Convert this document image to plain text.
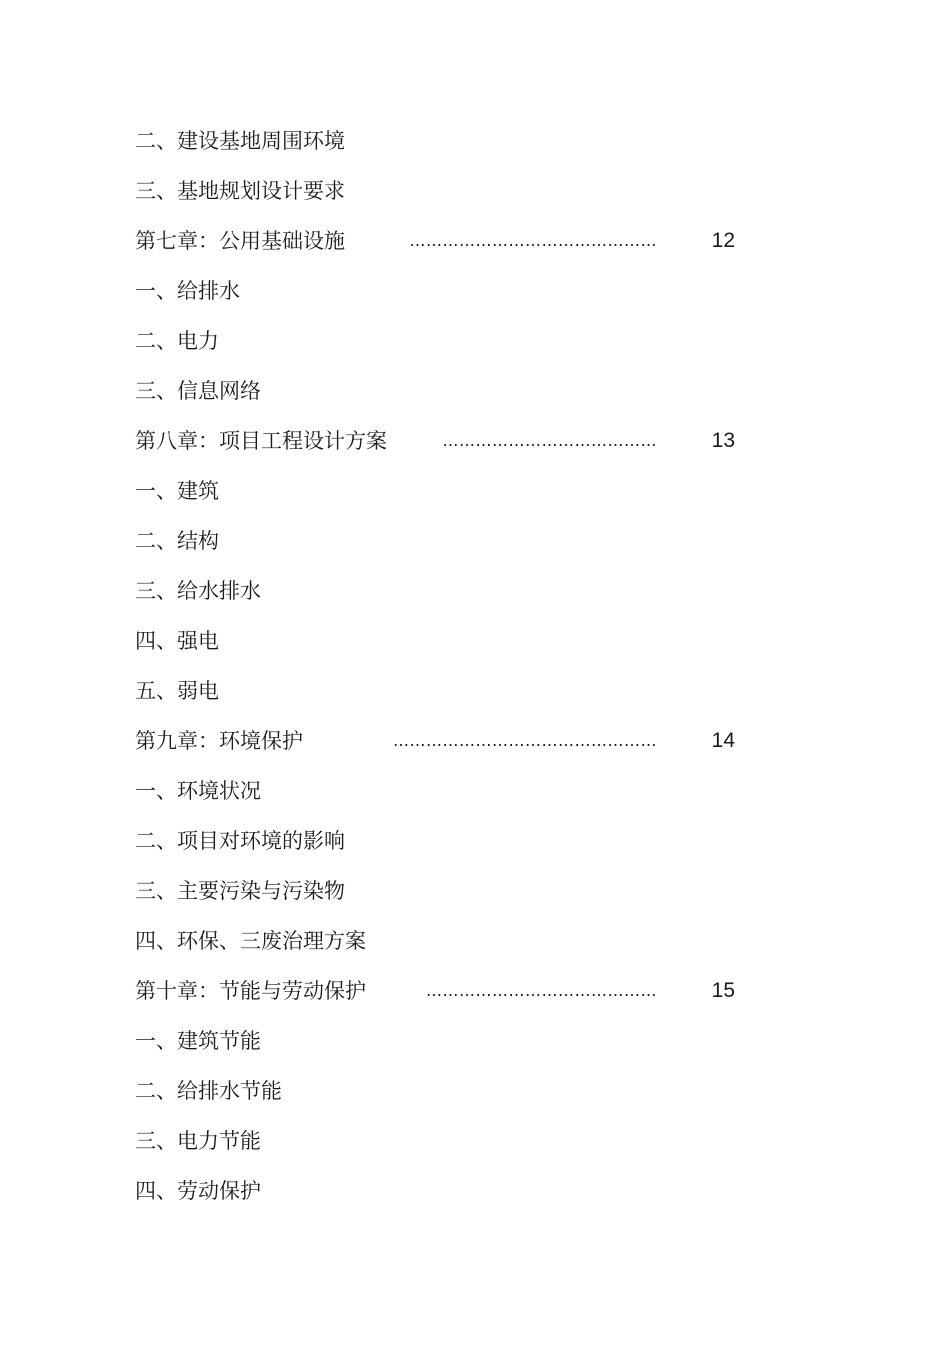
二、建设基地周围环境
三、基地规划设计要求
第七章：公用基础设施	………………………………………	12
一、给排水
二、电力
三、信息网络
第八章：项目工程设计方案	…………………………………	13
一、建筑
二、结构
三、给水排水
四、强电
五、弱电
第九章：环境保护	…………………………………………	14
一、环境状况
二、项目对环境的影响
三、主要污染与污染物
四、环保、三废治理方案
第十章：节能与劳动保护	……………………………………	15
一、建筑节能
二、给排水节能
三、电力节能
四、劳动保护
